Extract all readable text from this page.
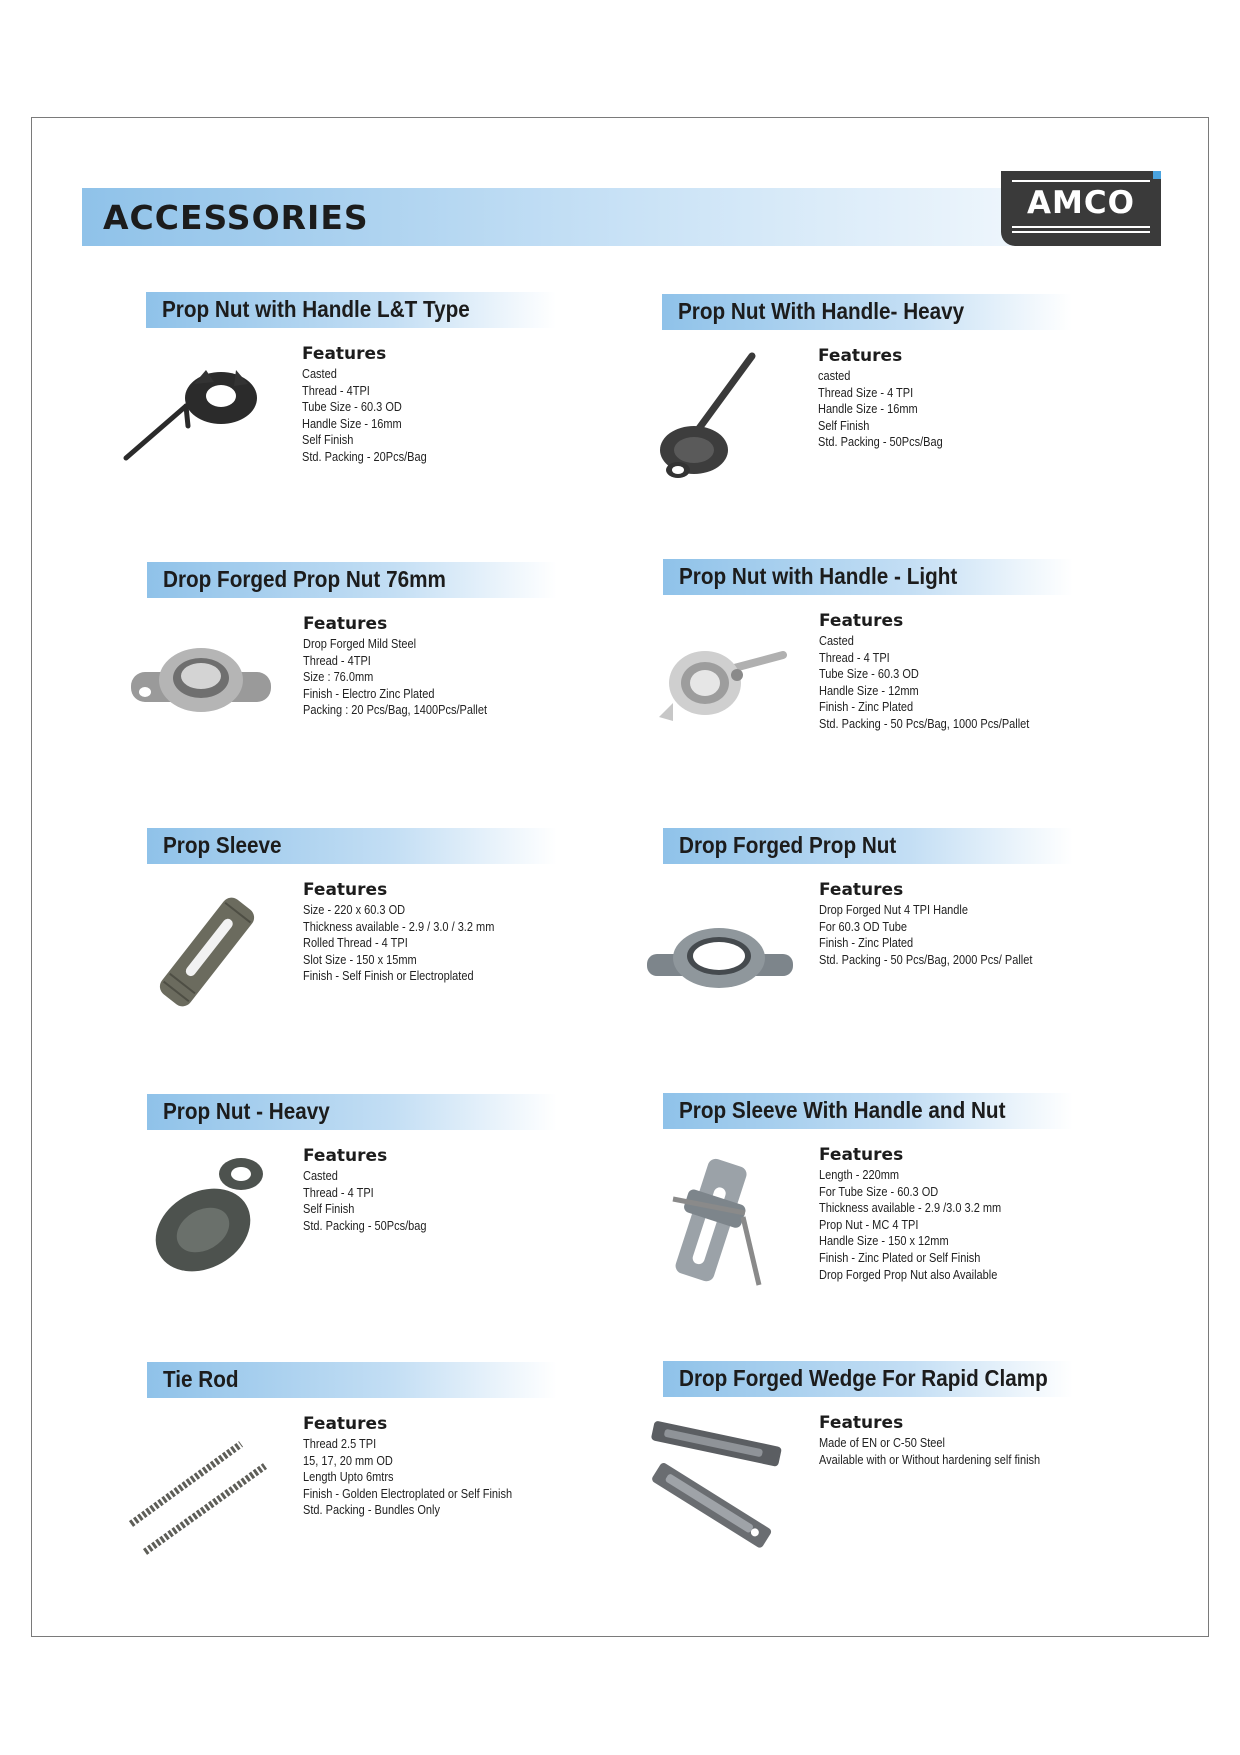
ACCESSORIES	AMCO
Prop Nut with Handle L&T Type
Features
Casted
Thread - 4TPI
Tube Size - 60.3 OD
Handle Size - 16mm
Self Finish
Std. Packing - 20Pcs/Bag
Prop Nut With Handle- Heavy
Features
casted
Thread Size - 4 TPI
Handle Size - 16mm
Self Finish
Std. Packing - 50Pcs/Bag
Drop Forged Prop Nut 76mm
Features
Drop Forged Mild Steel
Thread - 4TPI
Size : 76.0mm
Finish - Electro Zinc Plated
Packing : 20 Pcs/Bag, 1400Pcs/Pallet
Prop Nut with Handle - Light
Features
Casted
Thread - 4 TPI
Tube Size - 60.3 OD
Handle Size - 12mm
Finish - Zinc Plated
Std. Packing - 50 Pcs/Bag, 1000 Pcs/Pallet
Prop Sleeve
Features
Size - 220 x 60.3 OD
Thickness available - 2.9 / 3.0 / 3.2 mm
Rolled Thread - 4 TPI
Slot Size - 150 x 15mm
Finish - Self Finish or Electroplated
Drop Forged Prop Nut
Features
Drop Forged Nut 4 TPI Handle
For 60.3 OD Tube
Finish - Zinc Plated
Std. Packing - 50 Pcs/Bag, 2000 Pcs/ Pallet
Prop Nut - Heavy
Features
Casted
Thread - 4 TPI
Self Finish
Std. Packing - 50Pcs/bag
Prop Sleeve With Handle and Nut
Features
Length - 220mm
For Tube Size - 60.3 OD
Thickness available - 2.9 /3.0 3.2 mm
Prop Nut - MC 4 TPI
Handle Size - 150 x 12mm
Finish - Zinc Plated or Self Finish
Drop Forged Prop Nut also Available
Tie Rod
Features
Thread 2.5 TPI
15, 17, 20 mm OD
Length Upto 6mtrs
Finish - Golden Electroplated or Self Finish
Std. Packing - Bundles Only
Drop Forged Wedge For Rapid Clamp
Features
Made of EN or C-50 Steel
Available with or Without hardening self finish
